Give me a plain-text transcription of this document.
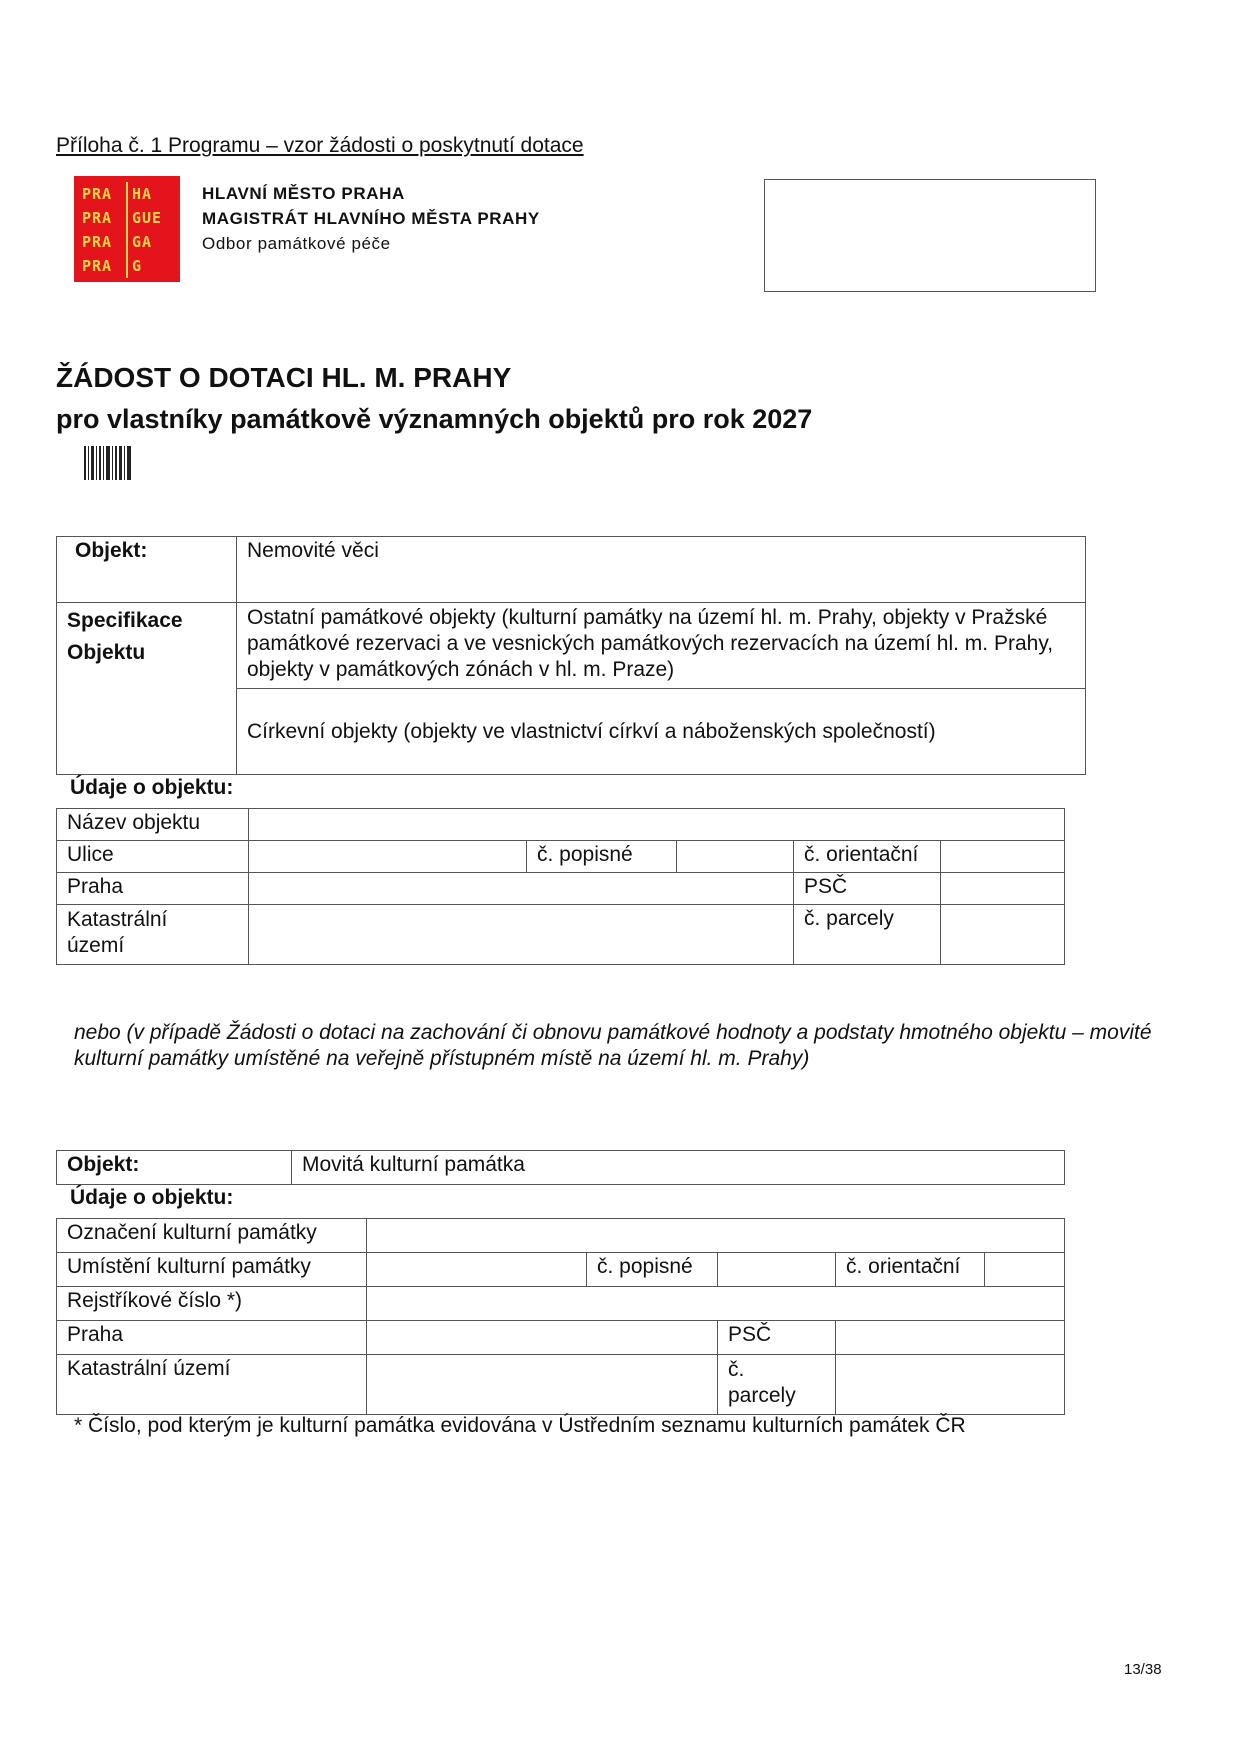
Příloha č. 1 Programu – vzor žádosti o poskytnutí dotace
PRA	HA
PRA	GUE
PRA	GA
PRA	G
HLAVNÍ MĚSTO PRAHA
MAGISTRÁT HLAVNÍHO MĚSTA PRAHY
Odbor památkové péče
ŽÁDOST O DOTACI HL. M. PRAHY
pro vlastníky památkově významných objektů pro rok 2027
Objekt:	Nemovité věci

Specifikace
Objektu	Ostatní památkové objekty (kulturní památky na území hl. m. Prahy, objekty v Pražské památkové rezervaci a ve vesnických památkových rezervacích na území hl. m. Prahy, objekty v památkových zónách v hl. m. Praze)
	Církevní objekty (objekty ve vlastnictví církví a náboženských společností)
Údaje o objektu:
Název objektu					
Ulice		č. popisné		č. orientační	
Praha				PSČ	

Katastrální
území				č. parcely	
nebo (v případě Žádosti o dotaci na zachování či obnovu památkové hodnoty a podstaty hmotného objektu – movité kulturní památky umístěné na veřejně přístupném místě na území hl. m. Prahy)
Objekt:	Movitá kulturní památka
Údaje o objektu:
Označení kulturní památky					
Umístění kulturní památky		č. popisné		č. orientační	
Rejstříkové číslo *)					
Praha			PSČ		
Katastrální území			č.
parcely		

* Číslo, pod kterým je kulturní památka evidována v Ústředním seznamu kulturních památek ČR
13/38
